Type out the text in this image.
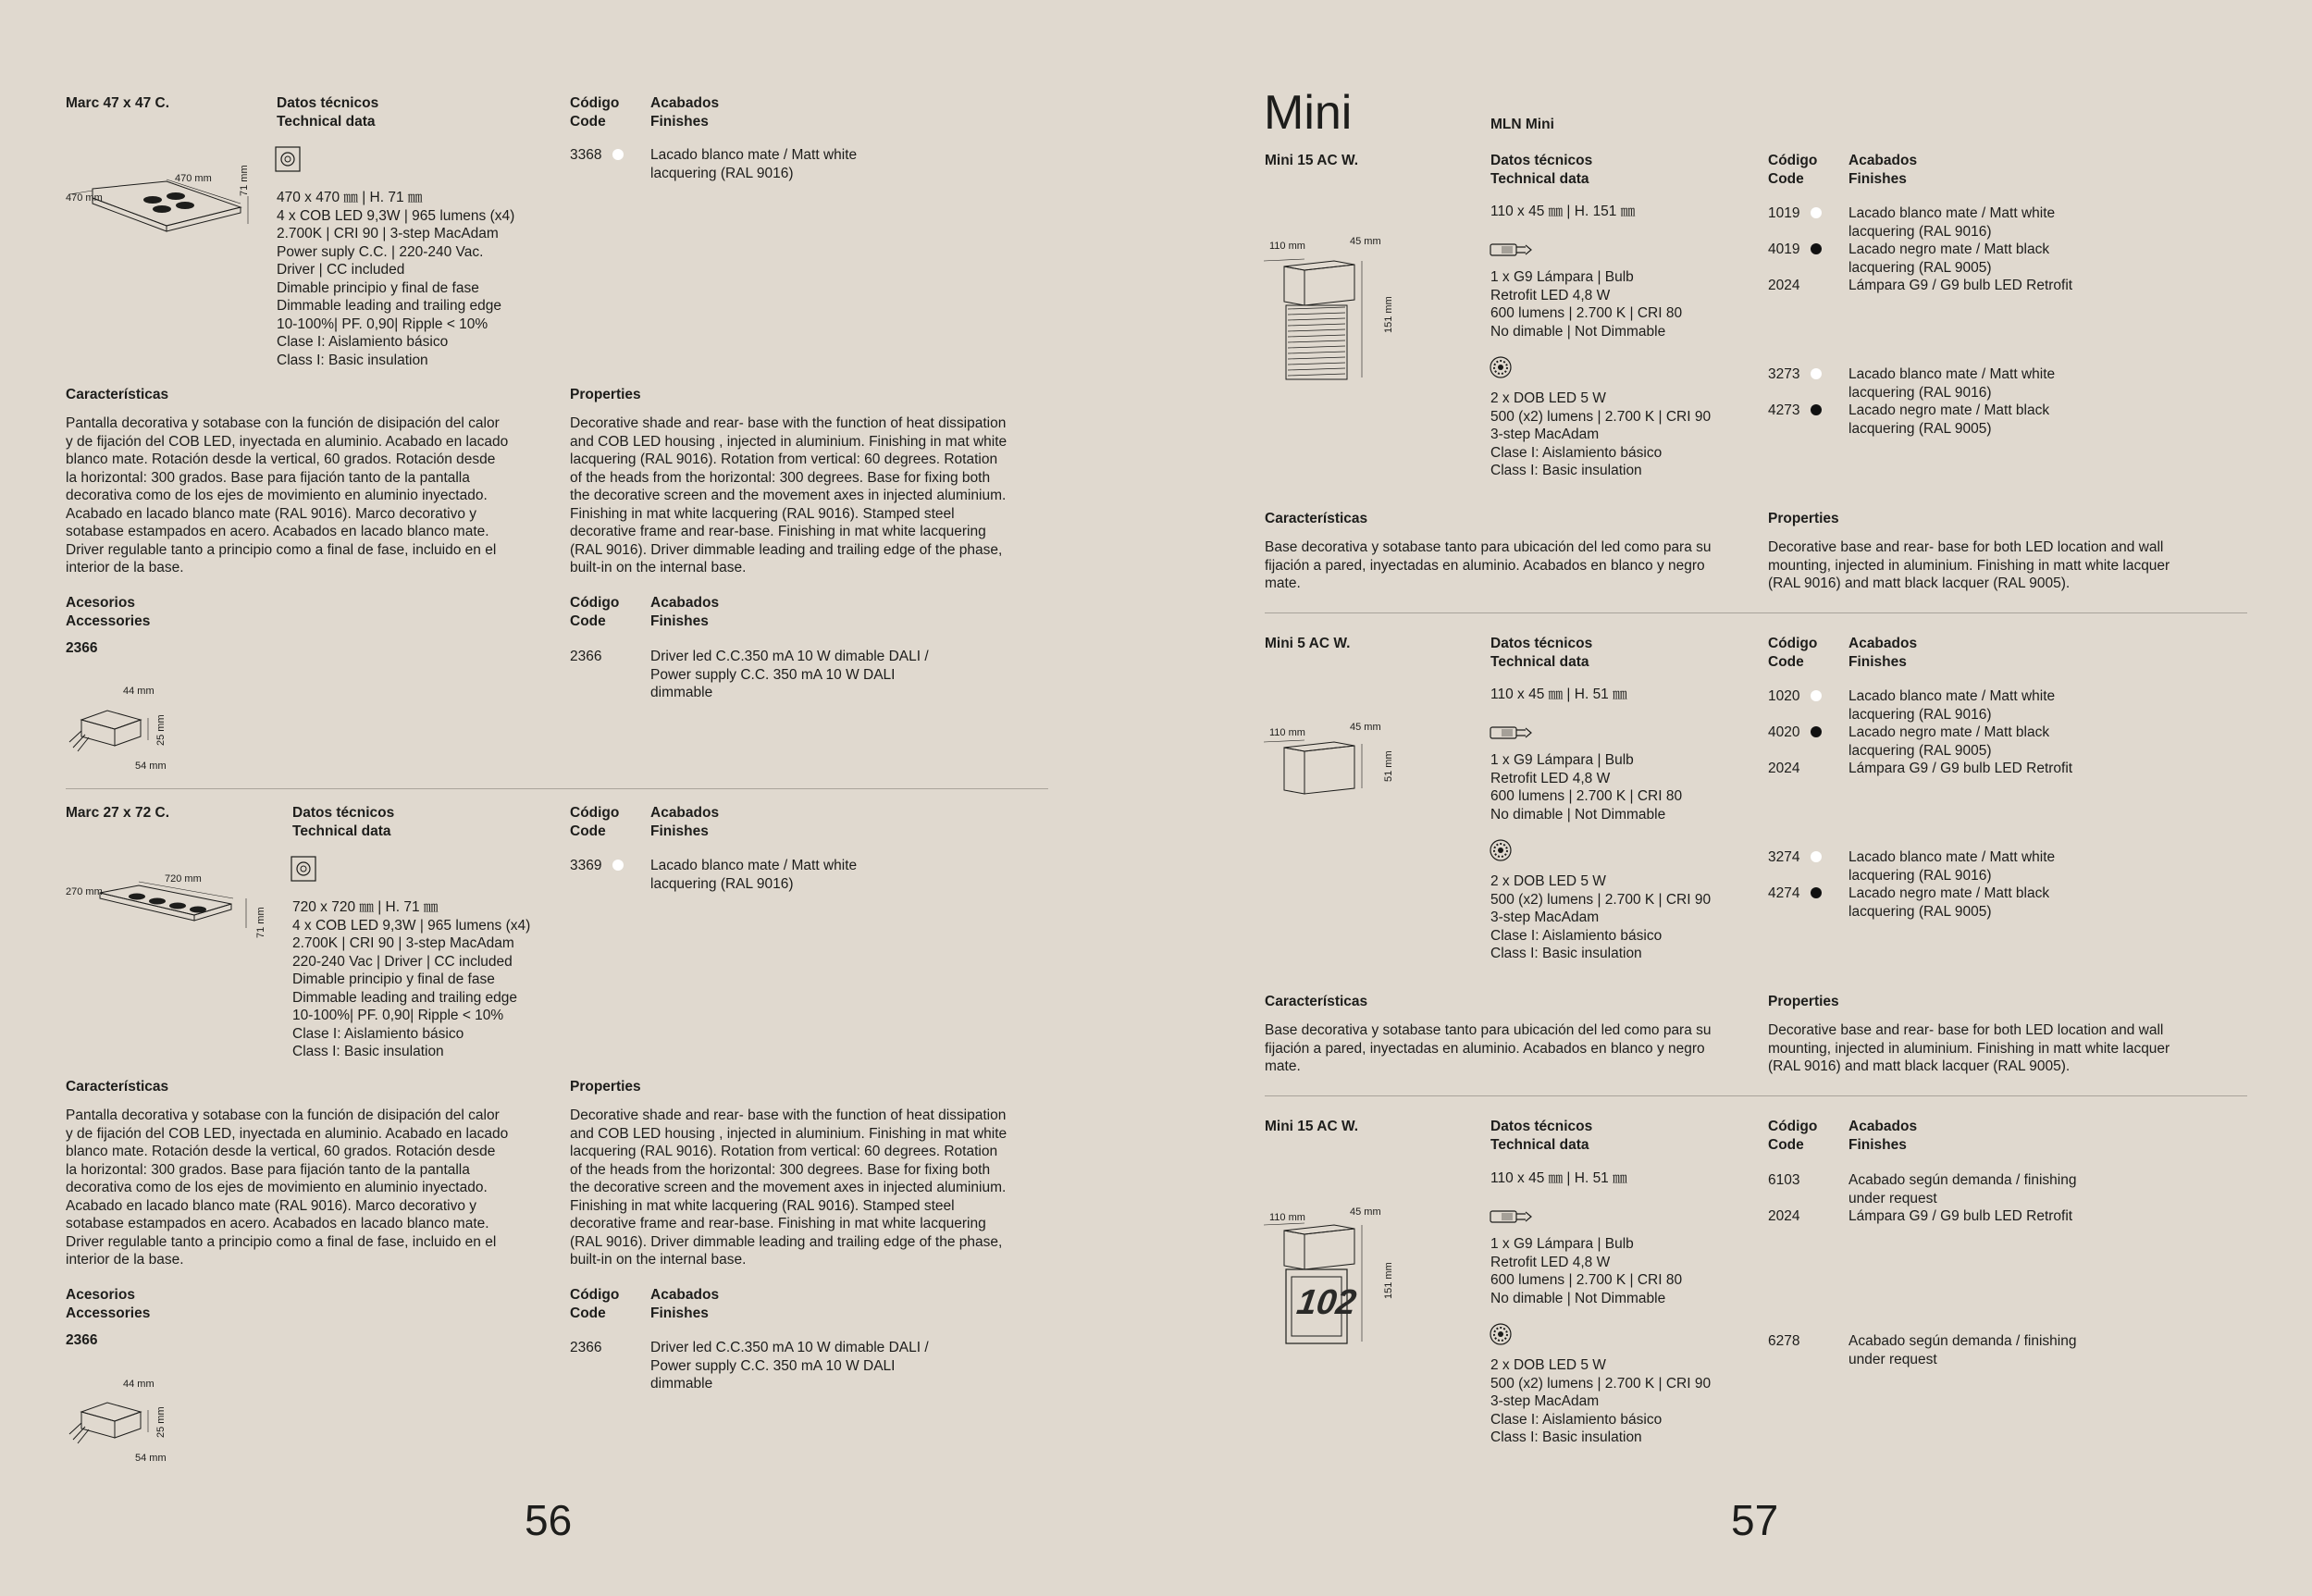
Marc 47 x 47 C.	Datos técnicos
Technical data
Código
Code
Acabados
Finishes
470 mm
470 mm
71 mm
470 x 470 ㎜ | H. 71 ㎜
4 x COB LED 9,3W | 965 lumens (x4)
2.700K | CRI 90 | 3-step MacAdam
Power suply C.C. | 220-240 Vac.
Driver | CC included
Dimable principio y final de fase
Dimmable leading and trailing edge
10-100%| PF. 0,90| Ripple < 10%
Clase I: Aislamiento básico
Class I: Basic insulation
3368	Lacado blanco mate / Matt white
lacquering (RAL 9016)
Características	Properties
Pantalla decorativa y sotabase con la función de disipación del calor
y de fijación del COB LED, inyectada en aluminio. Acabado en lacado
blanco mate. Rotación desde la vertical, 60 grados. Rotación desde
la horizontal: 300 grados. Base para fijación tanto de la pantalla
decorativa como de los ejes de movimiento en aluminio inyectado.
Acabado en lacado blanco mate (RAL 9016). Marco decorativo y
sotabase estampados en acero. Acabados en lacado blanco mate.
Driver regulable tanto a principio como a final de fase, incluido en el
interior de la base.
Decorative shade and rear- base with the function of heat dissipation
and COB LED housing , injected in aluminium. Finishing in mat white
lacquering (RAL 9016). Rotation from vertical: 60 degrees. Rotation
of the heads from the horizontal: 300 degrees. Base for fixing both
the decorative screen and the movement axes in injected aluminium.
Finishing in mat white lacquering (RAL 9016). Stamped steel
decorative frame and rear-base. Finishing in mat white lacquering
(RAL 9016). Driver dimmable leading and trailing edge of the phase,
built-in on the internal base.
Acesorios
Accessories
2366
Código
Code
Acabados
Finishes
2366	Driver led C.C.350 mA 10 W dimable DALI /
Power supply C.C. 350 mA 10 W DALI
dimmable
44 mm
25 mm
54 mm
Marc 27 x 72 C.	Datos técnicos
Technical data
Código
Code
Acabados
Finishes
720 mm
270 mm
71 mm 720 x 720 ㎜ | H. 71 ㎜
4 x COB LED 9,3W | 965 lumens (x4)
2.700K | CRI 90 | 3-step MacAdam
220-240 Vac | Driver | CC included
Dimable principio y final de fase
Dimmable leading and trailing edge
10-100%| PF. 0,90| Ripple < 10%
Clase I: Aislamiento básico
Class I: Basic insulation
3369	Lacado blanco mate / Matt white
lacquering (RAL 9016)
Características	Properties
Pantalla decorativa y sotabase con la función de disipación del calor
y de fijación del COB LED, inyectada en aluminio. Acabado en lacado
blanco mate. Rotación desde la vertical, 60 grados. Rotación desde
la horizontal: 300 grados. Base para fijación tanto de la pantalla
decorativa como de los ejes de movimiento en aluminio inyectado.
Acabado en lacado blanco mate (RAL 9016). Marco decorativo y
sotabase estampados en acero. Acabados en lacado blanco mate.
Driver regulable tanto a principio como a final de fase, incluido en el
interior de la base.
Decorative shade and rear- base with the function of heat dissipation
and COB LED housing , injected in aluminium. Finishing in mat white
lacquering (RAL 9016). Rotation from vertical: 60 degrees. Rotation
of the heads from the horizontal: 300 degrees. Base for fixing both
the decorative screen and the movement axes in injected aluminium.
Finishing in mat white lacquering (RAL 9016). Stamped steel
decorative frame and rear-base. Finishing in mat white lacquering
(RAL 9016). Driver dimmable leading and trailing edge of the phase,
built-in on the internal base.
Acesorios
Accessories
2366
Código
Code
Acabados
Finishes
2366	Driver led C.C.350 mA 10 W dimable DALI /
Power supply C.C. 350 mA 10 W DALI
dimmable
44 mm
25 mm
54 mm
56
Mini	MLN Mini
Mini 15 AC W.	Datos técnicos
Technical data
Código
Code
Acabados
Finishes
110 x 45 ㎜ | H. 151 ㎜
1 x G9 Lámpara | Bulb
Retrofit LED 4,8 W
600 lumens | 2.700 K | CRI 80
No dimable | Not Dimmable
2 x DOB LED 5 W
500 (x2) lumens | 2.700 K | CRI 90
3-step MacAdam
Clase I: Aislamiento básico
Class I: Basic insulation
1019	Lacado blanco mate / Matt white
lacquering (RAL 9016)
4019	Lacado negro mate / Matt black
lacquering (RAL 9005)
2024	Lámpara G9 / G9 bulb LED Retrofit
3273	Lacado blanco mate / Matt white
lacquering (RAL 9016)
4273	Lacado negro mate / Matt black
lacquering (RAL 9005)
110 mm	45 mm
151 mm
Características	Properties
Base decorativa y sotabase tanto para ubicación del led como para su
fijación a pared, inyectadas en aluminio. Acabados en blanco y negro
mate.
Decorative base and rear- base for both LED location and wall
mounting, injected in aluminium. Finishing in matt white lacquer
(RAL 9016) and matt black lacquer (RAL 9005).
Mini 5 AC W.	Datos técnicos
Technical data
Código
Code
Acabados
Finishes
110 x 45 ㎜ | H. 51 ㎜
1 x G9 Lámpara | Bulb
Retrofit LED 4,8 W
600 lumens | 2.700 K | CRI 80
No dimable | Not Dimmable
2 x DOB LED 5 W
500 (x2) lumens | 2.700 K | CRI 90
3-step MacAdam
Clase I: Aislamiento básico
Class I: Basic insulation
1020	Lacado blanco mate / Matt white
lacquering (RAL 9016)
4020	Lacado negro mate / Matt black
lacquering (RAL 9005)
2024	Lámpara G9 / G9 bulb LED Retrofit
3274	Lacado blanco mate / Matt white
lacquering (RAL 9016)
4274	Lacado negro mate / Matt black
lacquering (RAL 9005)
110 mm	45 mm
51 mm
Características	Properties
Base decorativa y sotabase tanto para ubicación del led como para su
fijación a pared, inyectadas en aluminio. Acabados en blanco y negro
mate.
Decorative base and rear- base for both LED location and wall
mounting, injected in aluminium. Finishing in matt white lacquer
(RAL 9016) and matt black lacquer (RAL 9005).
Mini 15 AC W.	Datos técnicos
Technical data
Código
Code
Acabados
Finishes
110 x 45 ㎜ | H. 51 ㎜
1 x G9 Lámpara | Bulb
Retrofit LED 4,8 W
600 lumens | 2.700 K | CRI 80
No dimable | Not Dimmable
2 x DOB LED 5 W
500 (x2) lumens | 2.700 K | CRI 90
3-step MacAdam
Clase I: Aislamiento básico
Class I: Basic insulation
6103	Acabado según demanda / finishing
under request
2024	Lámpara G9 / G9 bulb LED Retrofit
6278	Acabado según demanda / finishing
under request
102
110 mm	45 mm
151 mm
57
